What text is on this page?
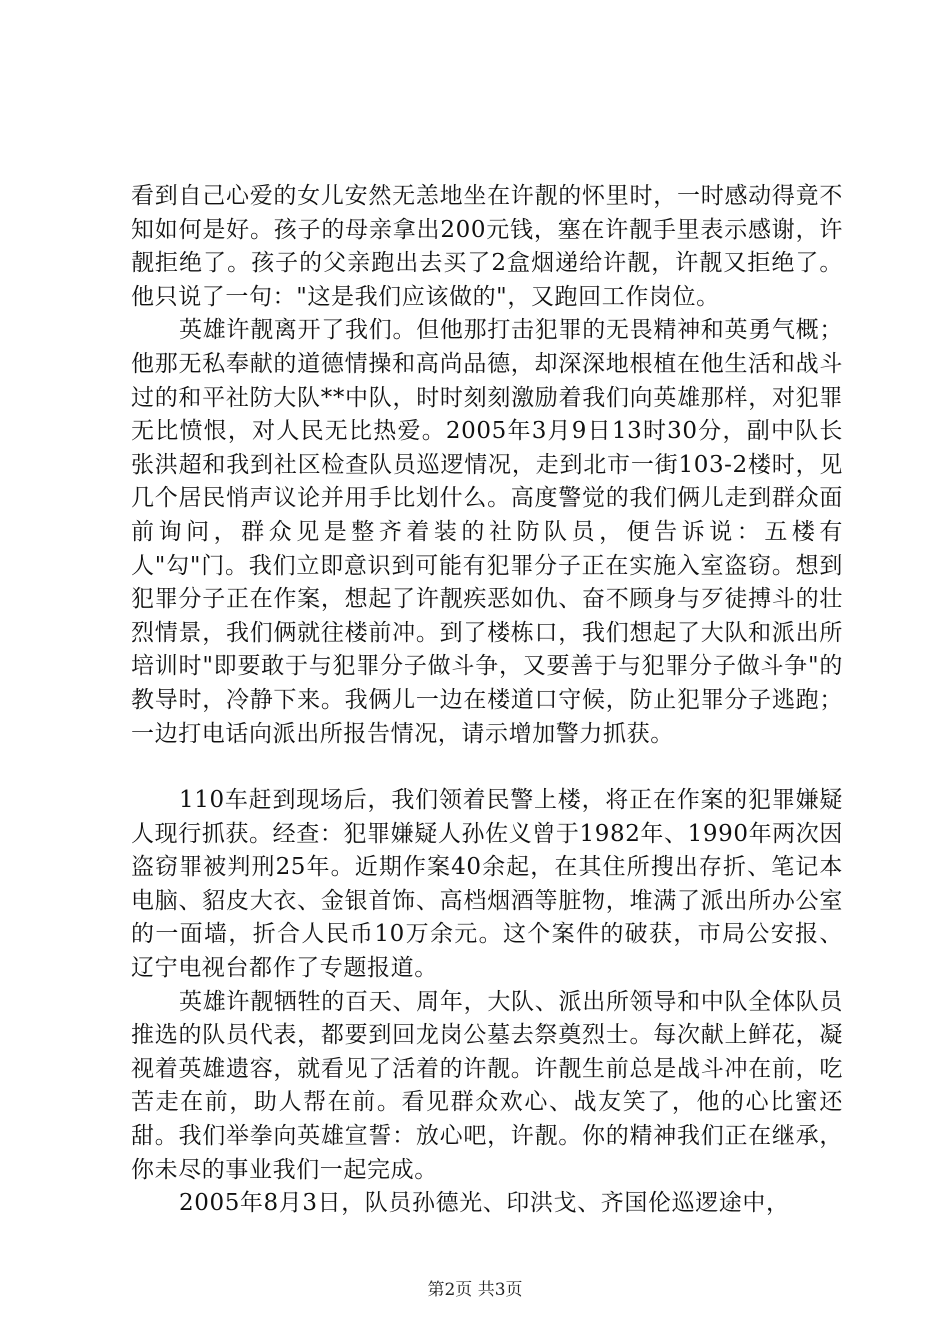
看到自己心爱的女儿安然无恙地坐在许靓的怀里时，一时感动得竟不知如何是好。孩子的母亲拿出200元钱，塞在许靓手里表示感谢，许靓拒绝了。孩子的父亲跑出去买了2盒烟递给许靓，许靓又拒绝了。他只说了一句："这是我们应该做的"，又跑回工作岗位。

英雄许靓离开了我们。但他那打击犯罪的无畏精神和英勇气概；他那无私奉献的道德情操和高尚品德，却深深地根植在他生活和战斗过的和平社防大队**中队，时时刻刻激励着我们向英雄那样，对犯罪无比愤恨，对人民无比热爱。2005年3月9日13时30分，副中队长张洪超和我到社区检查队员巡逻情况，走到北市一街103-2楼时，见几个居民悄声议论并用手比划什么。高度警觉的我们俩儿走到群众面前询问，群众见是整齐着装的社防队员，便告诉说：五楼有人"勾"门。我们立即意识到可能有犯罪分子正在实施入室盗窃。想到犯罪分子正在作案，想起了许靓疾恶如仇、奋不顾身与歹徒搏斗的壮烈情景，我们俩就往楼前冲。到了楼栋口，我们想起了大队和派出所培训时"即要敢于与犯罪分子做斗争，又要善于与犯罪分子做斗争"的教导时，冷静下来。我俩儿一边在楼道口守候，防止犯罪分子逃跑；一边打电话向派出所报告情况，请示增加警力抓获。

110车赶到现场后，我们领着民警上楼，将正在作案的犯罪嫌疑人现行抓获。经查：犯罪嫌疑人孙佐义曾于1982年、1990年两次因盗窃罪被判刑25年。近期作案40余起，在其住所搜出存折、笔记本电脑、貂皮大衣、金银首饰、高档烟酒等脏物，堆满了派出所办公室的一面墙，折合人民币10万余元。这个案件的破获，市局公安报、辽宁电视台都作了专题报道。

英雄许靓牺牲的百天、周年，大队、派出所领导和中队全体队员推选的队员代表，都要到回龙岗公墓去祭奠烈士。每次献上鲜花，凝视着英雄遗容，就看见了活着的许靓。许靓生前总是战斗冲在前，吃苦走在前，助人帮在前。看见群众欢心、战友笑了，他的心比蜜还甜。我们举拳向英雄宣誓：放心吧，许靓。你的精神我们正在继承，你未尽的事业我们一起完成。

2005年8月3日，队员孙德光、印洪戈、齐国伦巡逻途中，

第2页 共3页
